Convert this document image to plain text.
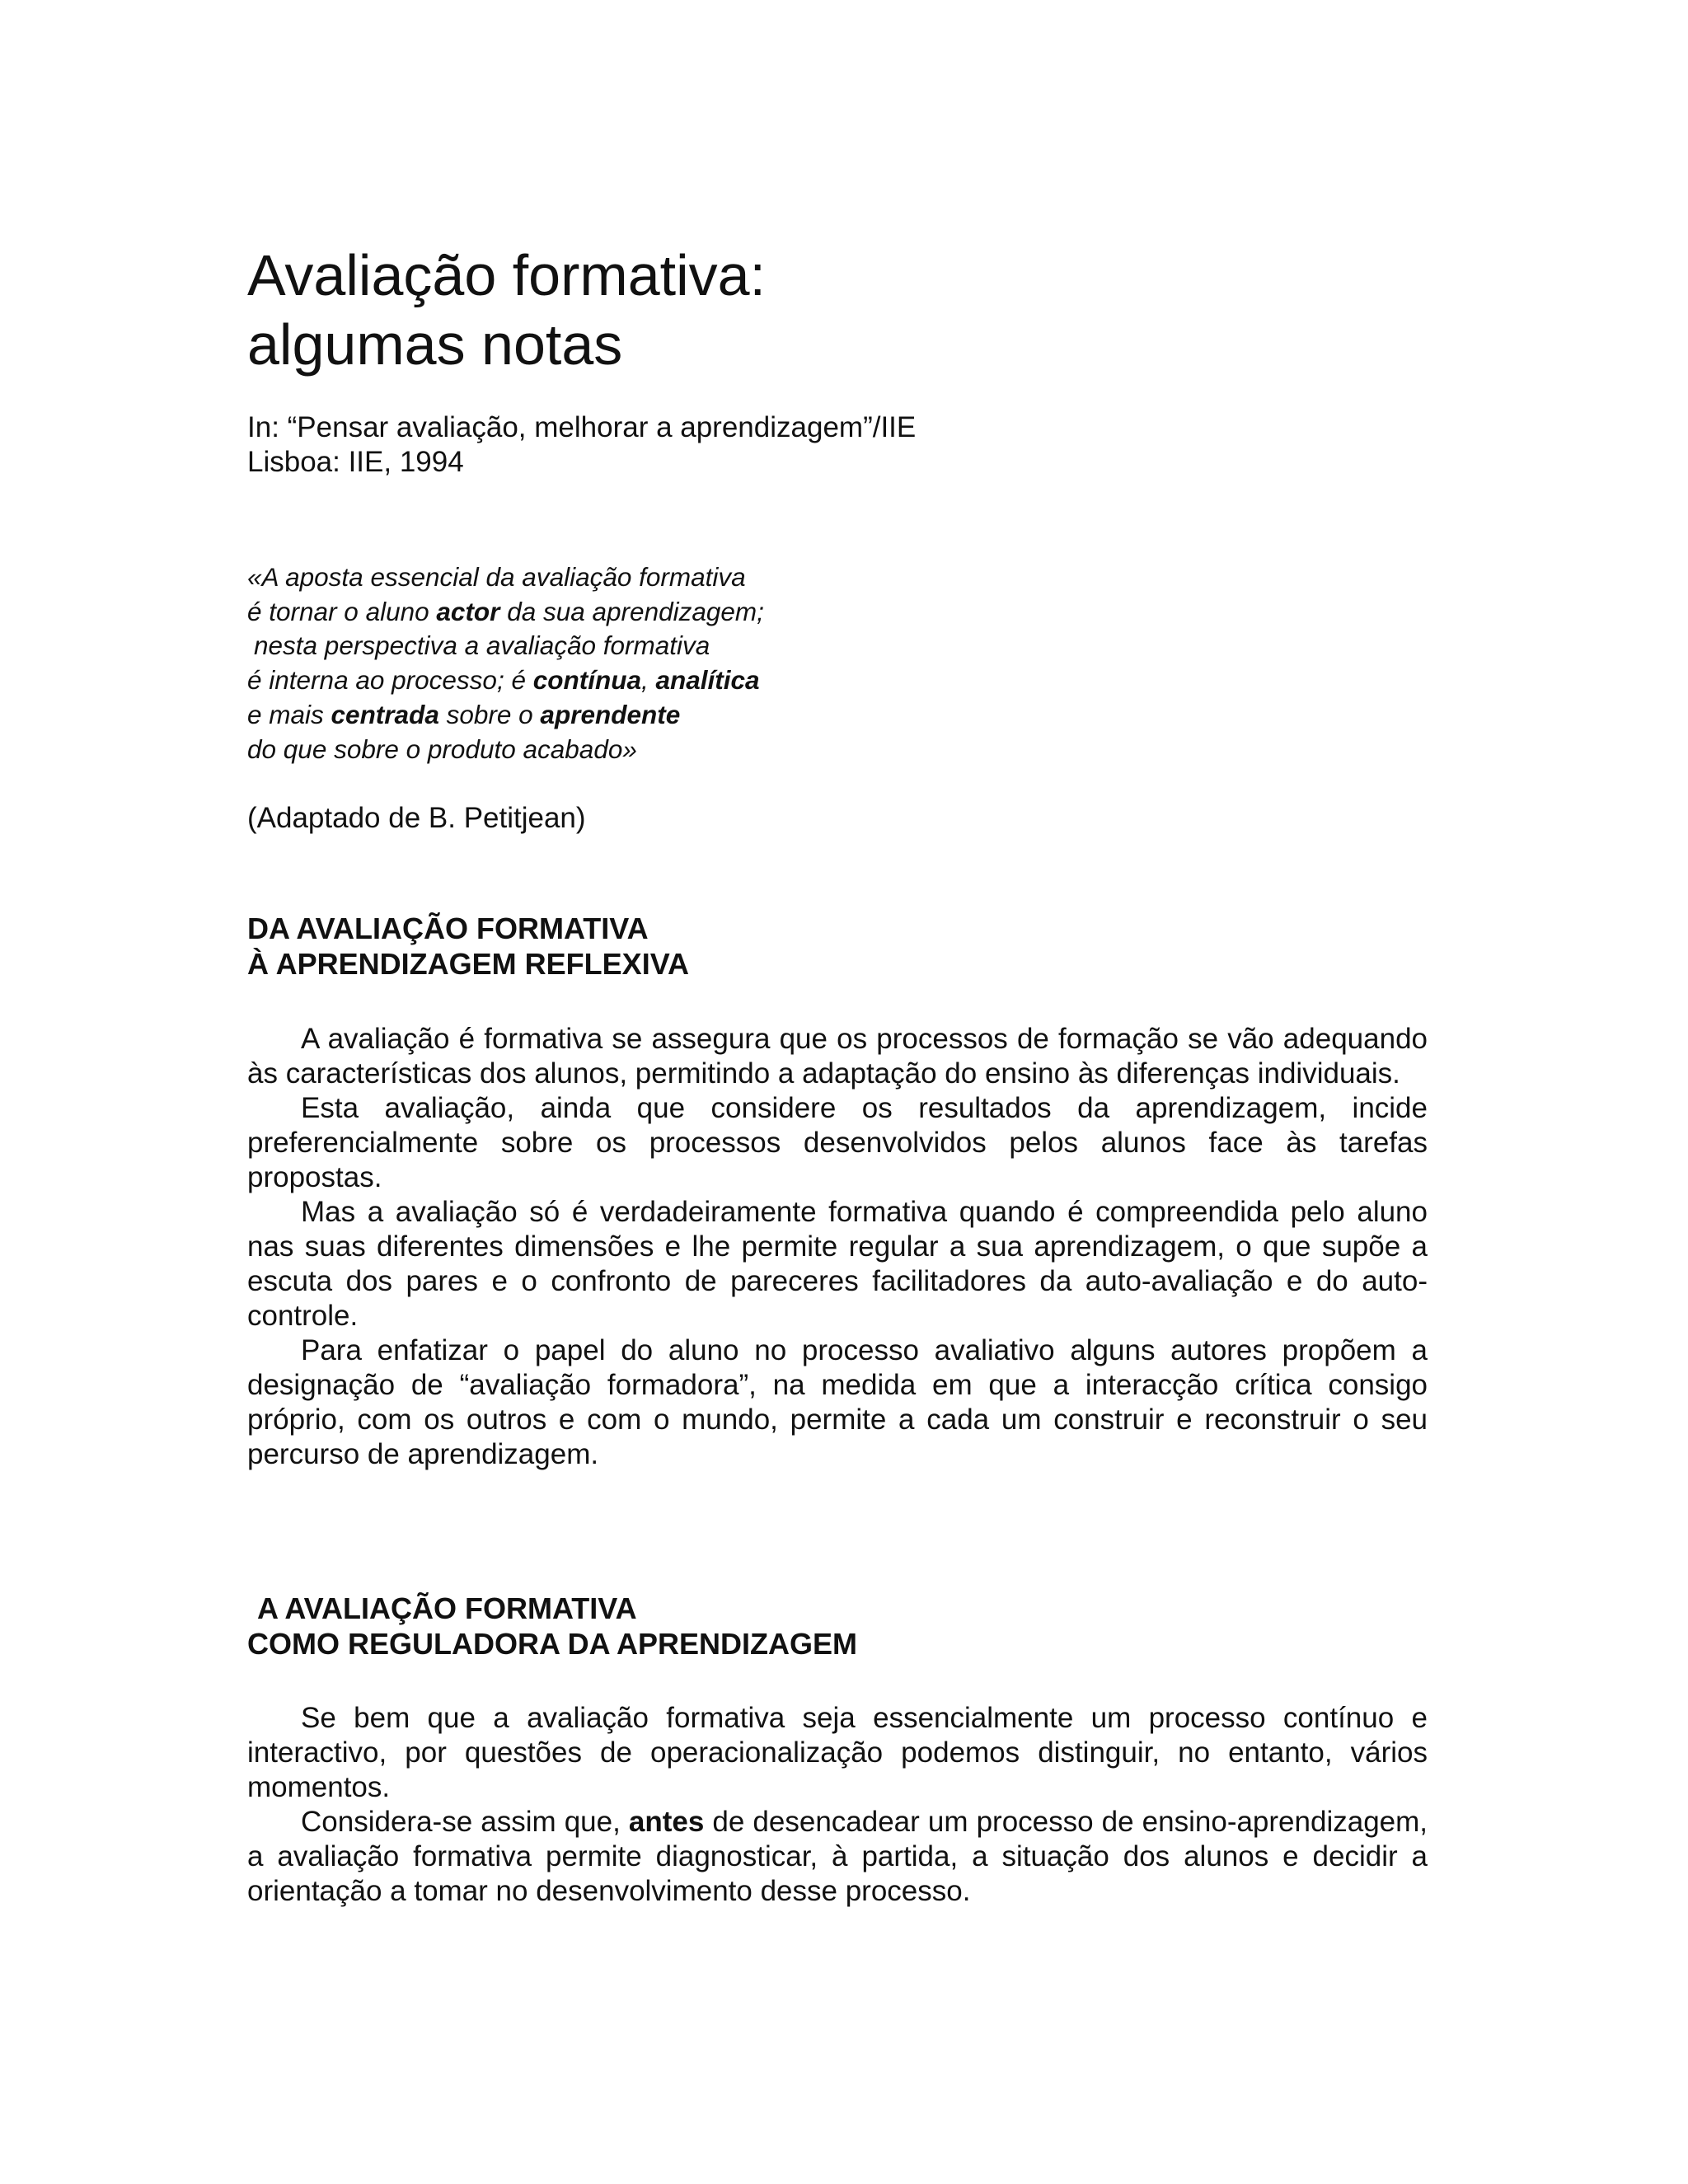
Avaliação formativa:
algumas notas
In: “Pensar avaliação, melhorar a aprendizagem”/IIE
Lisboa: IIE, 1994
«A aposta essencial da avaliação formativa
é tornar o aluno actor da sua aprendizagem;
nesta perspectiva a avaliação formativa
é interna ao processo; é contínua, analítica
e mais centrada sobre o aprendente
do que sobre o produto acabado»
(Adaptado de B. Petitjean)
DA AVALIAÇÃO FORMATIVA
À APRENDIZAGEM REFLEXIVA

A avaliação é formativa se assegura que os processos de formação se vão adequando às características dos alunos, permitindo a adaptação do ensino às diferenças individuais.

Esta avaliação, ainda que considere os resultados da aprendizagem, incide preferencialmente sobre os processos desenvolvidos pelos alunos face às tarefas propostas.

Mas a avaliação só é verdadeiramente formativa quando é compreendida pelo aluno nas suas diferentes dimensões e lhe permite regular a sua aprendizagem, o que supõe a escuta dos pares e o confronto de pareceres facilitadores da auto-avaliação e do auto-controle.

Para enfatizar o papel do aluno no processo avaliativo alguns autores propõem a designação de “avaliação formadora”, na medida em que a interacção crítica consigo próprio, com os outros e com o mundo, permite a cada um construir e reconstruir o seu percurso de aprendizagem.

A AVALIAÇÃO FORMATIVA
COMO REGULADORA DA APRENDIZAGEM

Se bem que a avaliação formativa seja essencialmente um processo contínuo e interactivo, por questões de operacionalização podemos distinguir, no entanto, vários momentos.

Considera-se assim que, antes de desencadear um processo de ensino-aprendizagem, a avaliação formativa permite diagnosticar, à partida, a situação dos alunos e decidir a orientação a tomar no desenvolvimento desse processo.
